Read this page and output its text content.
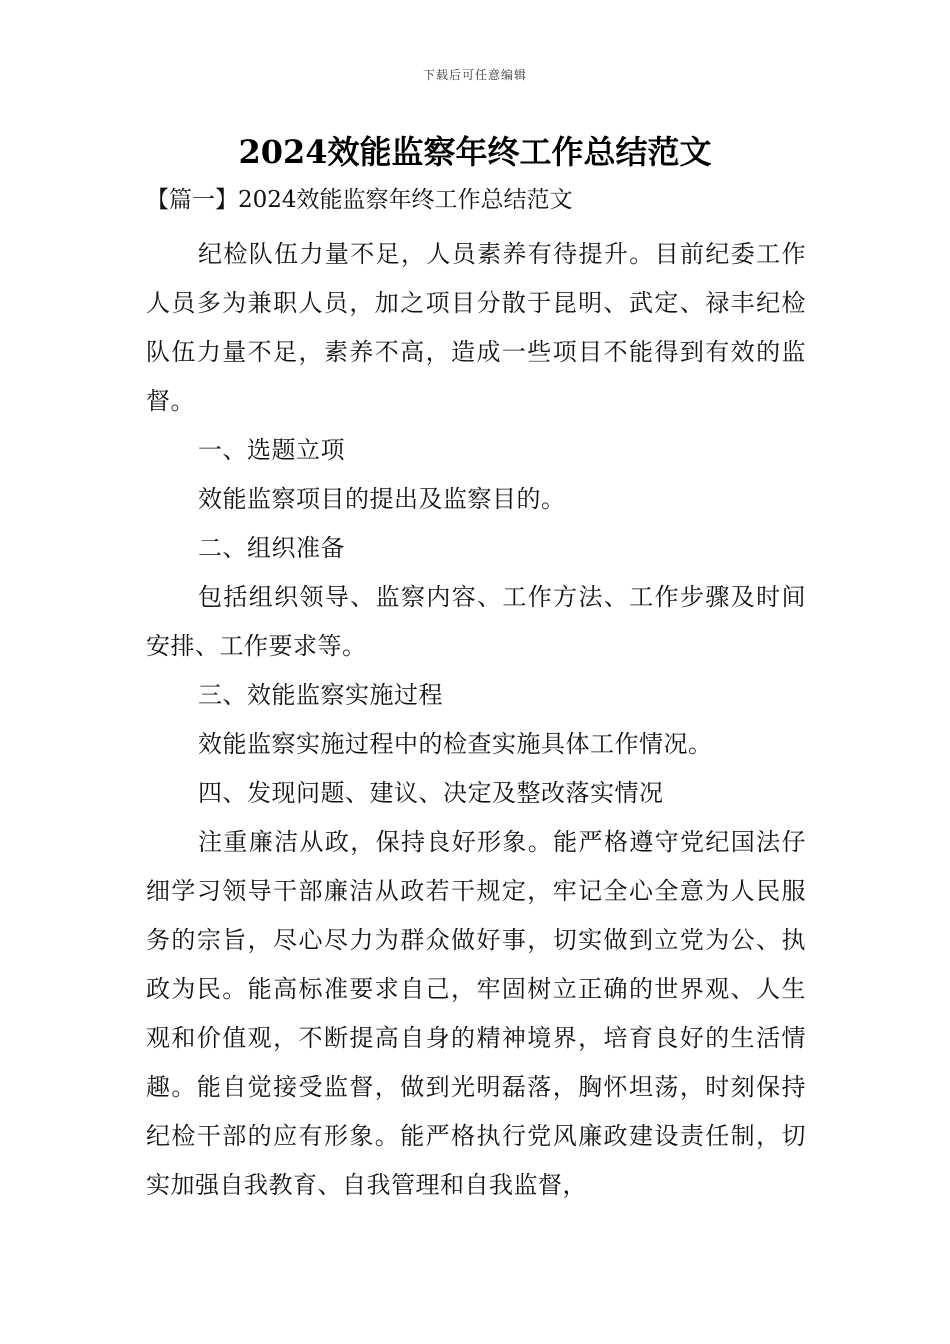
下载后可任意编辑
2024效能监察年终工作总结范文
【篇一】2024效能监察年终工作总结范文

纪检队伍力量不足，人员素养有待提升。目前纪委工作人员多为兼职人员，加之项目分散于昆明、武定、禄丰纪检队伍力量不足，素养不高，造成一些项目不能得到有效的监督。

一、选题立项

效能监察项目的提出及监察目的。

二、组织准备

包括组织领导、监察内容、工作方法、工作步骤及时间安排、工作要求等。

三、效能监察实施过程

效能监察实施过程中的检查实施具体工作情况。

四、发现问题、建议、决定及整改落实情况

注重廉洁从政，保持良好形象。能严格遵守党纪国法仔细学习领导干部廉洁从政若干规定，牢记全心全意为人民服务的宗旨，尽心尽力为群众做好事，切实做到立党为公、执政为民。能高标准要求自己，牢固树立正确的世界观、人生观和价值观，不断提高自身的精神境界，培育良好的生活情趣。能自觉接受监督，做到光明磊落，胸怀坦荡，时刻保持纪检干部的应有形象。能严格执行党风廉政建设责任制，切实加强自我教育、自我管理和自我监督，
